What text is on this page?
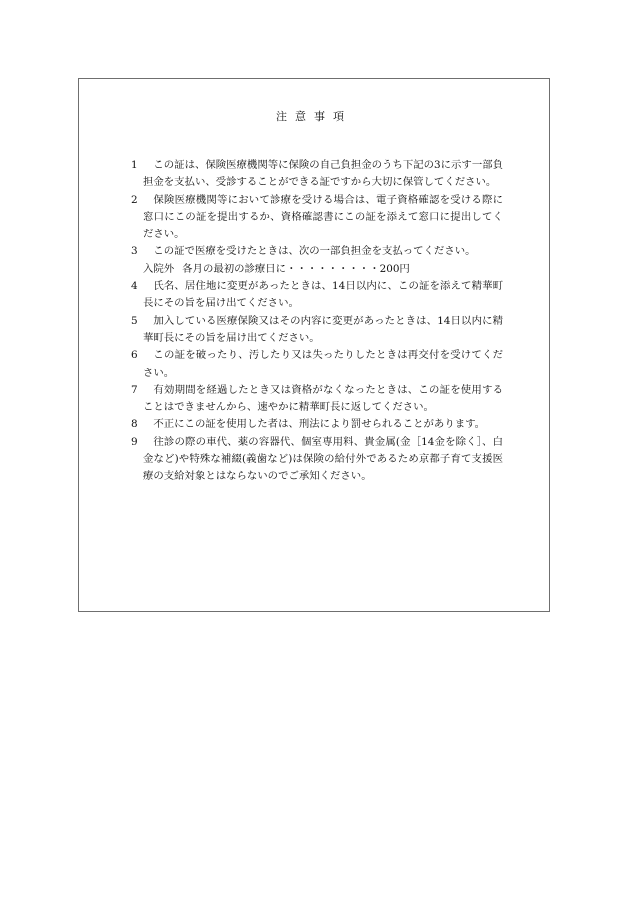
注意事項
1	この証は、保険医療機関等に保険の自己負担金のうち下記の3に示す一部負担金を支払い、受診することができる証ですから大切に保管してください。
2	保険医療機関等において診療を受ける場合は、電子資格確認を受ける際に窓口にこの証を提出するか、資格確認書にこの証を添えて窓口に提出してください。
3	この証で医療を受けたときは、次の一部負担金を支払ってください。
入院外 各月の最初の診療日に・・・・・・・・・200円
4	氏名、居住地に変更があったときは、14日以内に、この証を添えて精華町長にその旨を届け出てください。
5	加入している医療保険又はその内容に変更があったときは、14日以内に精華町長にその旨を届け出てください。
6	この証を破ったり、汚したり又は失ったりしたときは再交付を受けてください。
7	有効期間を経過したとき又は資格がなくなったときは、この証を使用することはできませんから、速やかに精華町長に返してください。
8	不正にこの証を使用した者は、刑法により罰せられることがあります。
9	往診の際の車代、薬の容器代、個室専用料、貴金属(金［14金を除く］、白金など)や特殊な補綴(義歯など)は保険の給付外であるため京都子育て支援医療の支給対象とはならないのでご承知ください。
